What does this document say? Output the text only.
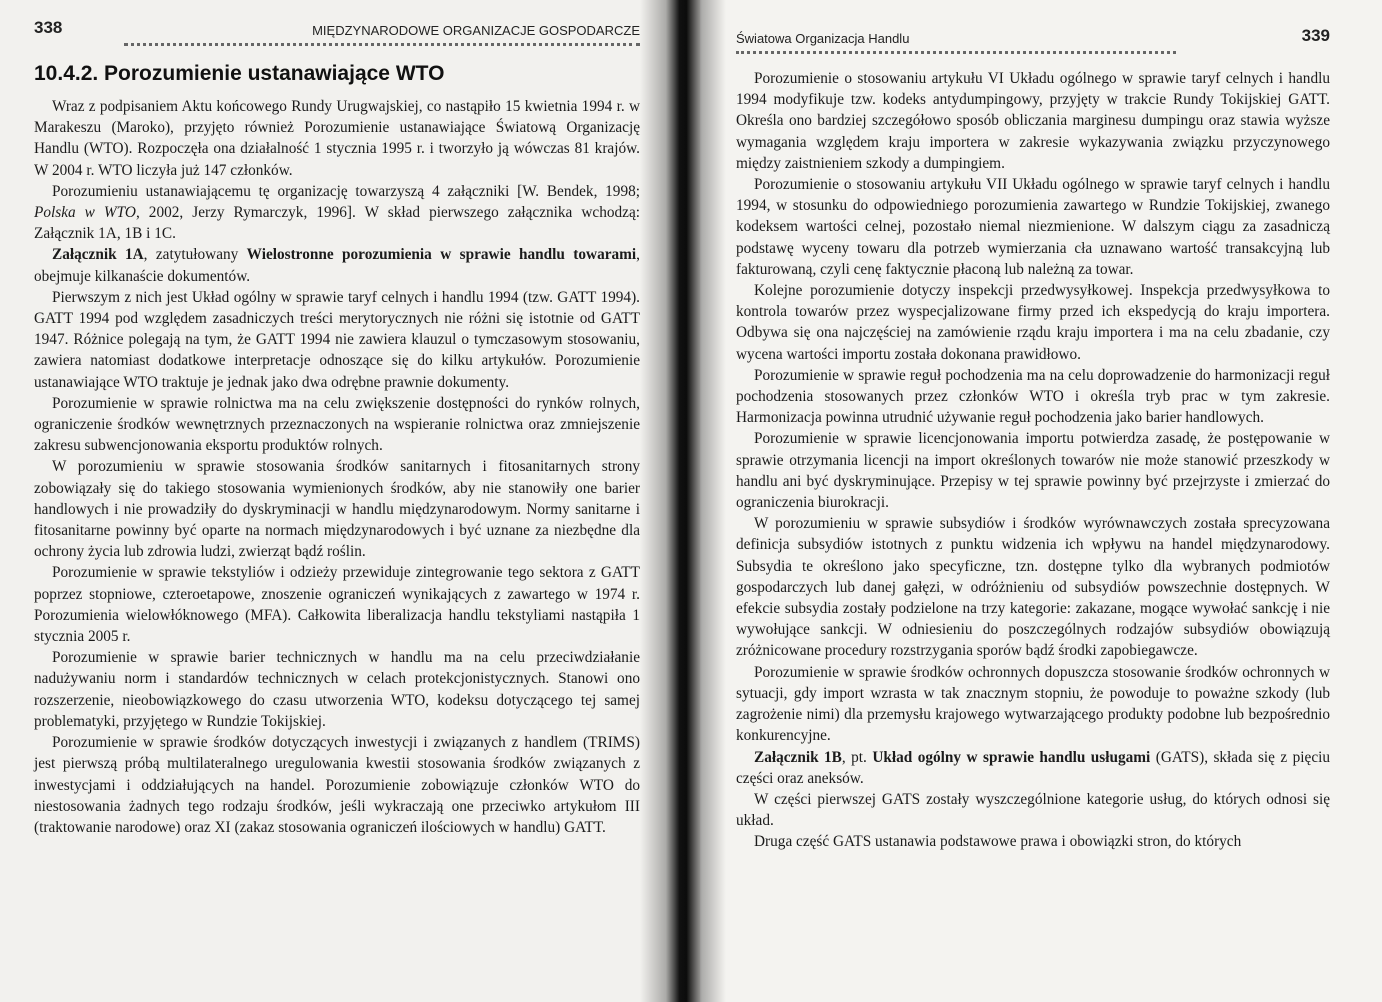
338	MIĘDZYNARODOWE ORGANIZACJE GOSPODARCZE
10.4.2. Porozumienie ustanawiające WTO

Wraz z podpisaniem Aktu końcowego Rundy Urugwajskiej, co nastąpiło 15 kwietnia 1994 r. w Marakeszu (Maroko), przyjęto również Porozumienie ustanawiające Światową Organizację Handlu (WTO). Rozpoczęła ona działalność 1 stycznia 1995 r. i tworzyło ją wówczas 81 krajów. W 2004 r. WTO liczyła już 147 członków.

Porozumieniu ustanawiającemu tę organizację towarzyszą 4 załączniki [W. Bendek, 1998; Polska w WTO, 2002, Jerzy Rymarczyk, 1996]. W skład pierwszego załącznika wchodzą: Załącznik 1A, 1B i 1C.

Załącznik 1A, zatytułowany Wielostronne porozumienia w sprawie handlu towarami, obejmuje kilkanaście dokumentów.

Pierwszym z nich jest Układ ogólny w sprawie taryf celnych i handlu 1994 (tzw. GATT 1994). GATT 1994 pod względem zasadniczych treści merytorycznych nie różni się istotnie od GATT 1947. Różnice polegają na tym, że GATT 1994 nie zawiera klauzul o tymczasowym stosowaniu, zawiera natomiast dodatkowe interpretacje odnoszące się do kilku artykułów. Porozumienie ustanawiające WTO traktuje je jednak jako dwa odrębne prawnie dokumenty.

Porozumienie w sprawie rolnictwa ma na celu zwiększenie dostępności do rynków rolnych, ograniczenie środków wewnętrznych przeznaczonych na wspieranie rolnictwa oraz zmniejszenie zakresu subwencjonowania eksportu produktów rolnych.

W porozumieniu w sprawie stosowania środków sanitarnych i fitosanitarnych strony zobowiązały się do takiego stosowania wymienionych środków, aby nie stanowiły one barier handlowych i nie prowadziły do dyskryminacji w handlu międzynarodowym. Normy sanitarne i fitosanitarne powinny być oparte na normach międzynarodowych i być uznane za niezbędne dla ochrony życia lub zdrowia ludzi, zwierząt bądź roślin.

Porozumienie w sprawie tekstyliów i odzieży przewiduje zintegrowanie tego sektora z GATT poprzez stopniowe, czteroetapowe, znoszenie ograniczeń wynikających z zawartego w 1974 r. Porozumienia wielowłóknowego (MFA). Całkowita liberalizacja handlu tekstyliami nastąpiła 1 stycznia 2005 r.

Porozumienie w sprawie barier technicznych w handlu ma na celu przeciwdziałanie nadużywaniu norm i standardów technicznych w celach protekcjonistycznych. Stanowi ono rozszerzenie, nieobowiązkowego do czasu utworzenia WTO, kodeksu dotyczącego tej samej problematyki, przyjętego w Rundzie Tokijskiej.

Porozumienie w sprawie środków dotyczących inwestycji i związanych z handlem (TRIMS) jest pierwszą próbą multilateralnego uregulowania kwestii stosowania środków związanych z inwestycjami i oddziałujących na handel. Porozumienie zobowiązuje członków WTO do niestosowania żadnych tego rodzaju środków, jeśli wykraczają one przeciwko artykułom III (traktowanie narodowe) oraz XI (zakaz stosowania ograniczeń ilościowych w handlu) GATT.

Światowa Organizacja Handlu	339

Porozumienie o stosowaniu artykułu VI Układu ogólnego w sprawie taryf celnych i handlu 1994 modyfikuje tzw. kodeks antydumpingowy, przyjęty w trakcie Rundy Tokijskiej GATT. Określa ono bardziej szczegółowo sposób obliczania marginesu dumpingu oraz stawia wyższe wymagania względem kraju importera w zakresie wykazywania związku przyczynowego między zaistnieniem szkody a dumpingiem.

Porozumienie o stosowaniu artykułu VII Układu ogólnego w sprawie taryf celnych i handlu 1994, w stosunku do odpowiedniego porozumienia zawartego w Rundzie Tokijskiej, zwanego kodeksem wartości celnej, pozostało niemal niezmienione. W dalszym ciągu za zasadniczą podstawę wyceny towaru dla potrzeb wymierzania cła uznawano wartość transakcyjną lub fakturowaną, czyli cenę faktycznie płaconą lub należną za towar.

Kolejne porozumienie dotyczy inspekcji przedwysyłkowej. Inspekcja przedwysyłkowa to kontrola towarów przez wyspecjalizowane firmy przed ich ekspedycją do kraju importera. Odbywa się ona najczęściej na zamówienie rządu kraju importera i ma na celu zbadanie, czy wycena wartości importu została dokonana prawidłowo.

Porozumienie w sprawie reguł pochodzenia ma na celu doprowadzenie do harmonizacji reguł pochodzenia stosowanych przez członków WTO i określa tryb prac w tym zakresie. Harmonizacja powinna utrudnić używanie reguł pochodzenia jako barier handlowych.

Porozumienie w sprawie licencjonowania importu potwierdza zasadę, że postępowanie w sprawie otrzymania licencji na import określonych towarów nie może stanowić przeszkody w handlu ani być dyskryminujące. Przepisy w tej sprawie powinny być przejrzyste i zmierzać do ograniczenia biurokracji.

W porozumieniu w sprawie subsydiów i środków wyrównawczych została sprecyzowana definicja subsydiów istotnych z punktu widzenia ich wpływu na handel międzynarodowy. Subsydia te określono jako specyficzne, tzn. dostępne tylko dla wybranych podmiotów gospodarczych lub danej gałęzi, w odróżnieniu od subsydiów powszechnie dostępnych. W efekcie subsydia zostały podzielone na trzy kategorie: zakazane, mogące wywołać sankcję i nie wywołujące sankcji. W odniesieniu do poszczególnych rodzajów subsydiów obowiązują zróżnicowane procedury rozstrzygania sporów bądź środki zapobiegawcze.

Porozumienie w sprawie środków ochronnych dopuszcza stosowanie środków ochronnych w sytuacji, gdy import wzrasta w tak znacznym stopniu, że powoduje to poważne szkody (lub zagrożenie nimi) dla przemysłu krajowego wytwarzającego produkty podobne lub bezpośrednio konkurencyjne.

Załącznik 1B, pt. Układ ogólny w sprawie handlu usługami (GATS), składa się z pięciu części oraz aneksów.

W części pierwszej GATS zostały wyszczególnione kategorie usług, do których odnosi się układ.

Druga część GATS ustanawia podstawowe prawa i obowiązki stron, do których
